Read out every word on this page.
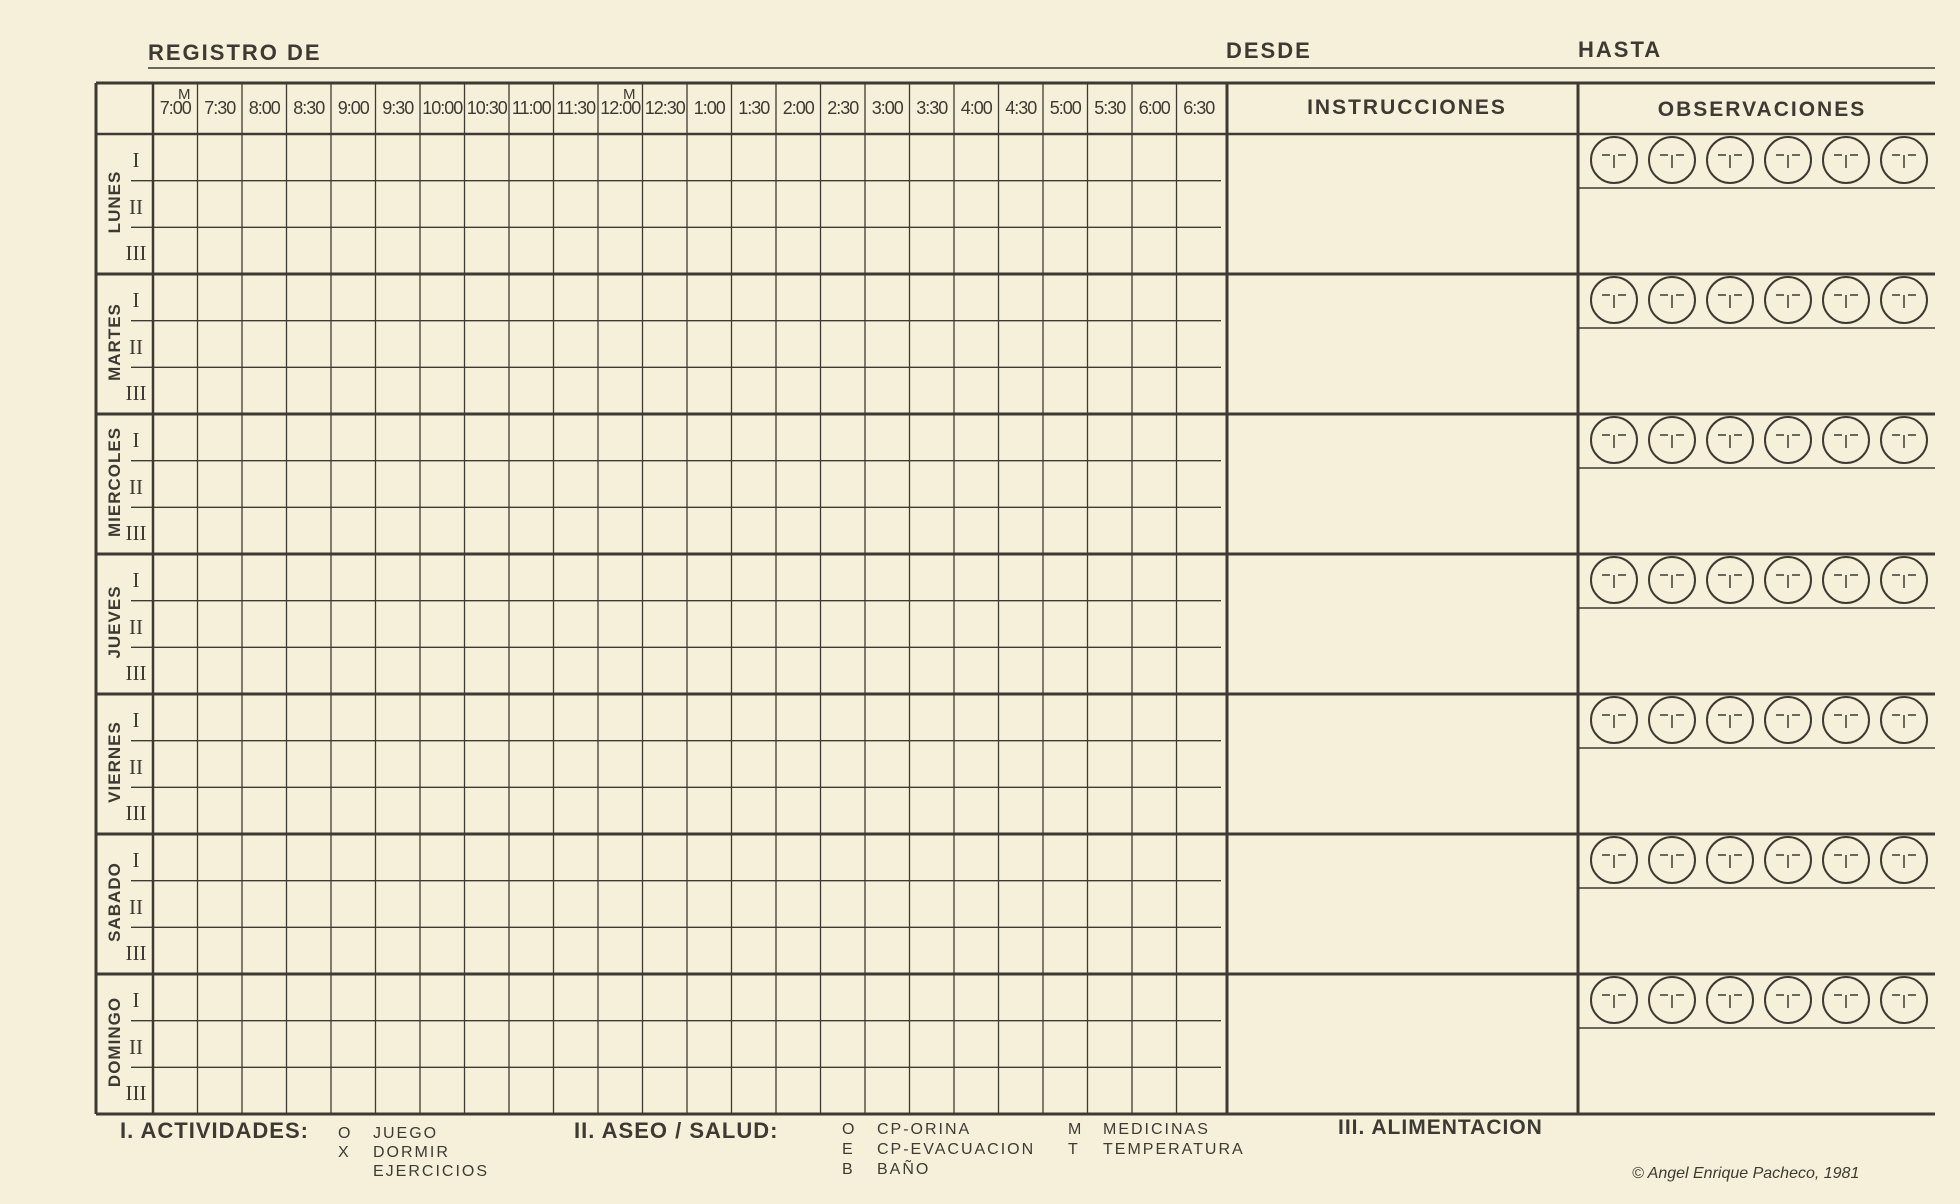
REGISTRO DE	DESDE	HASTA
INSTRUCCIONES	OBSERVACIONES
7:00 7:30 8:00 8:30 9:00 9:30 10:00 10:30 11:00 11:30 12:00 12:30 1:00 1:30 2:00 2:30 3:00 3:30 4:00 4:30 5:00 5:30 6:00 6:30
M	M
LUNES
I
II
III
MARTES
I
II
III
MIERCOLES I
II
III
JUEVES
I
II
III
VIERNES
I
II
III
SABADO
I
II
III
DOMINGO I
II
III
I. ACTIVIDADES: O JUEGO
X DORMIR
EJERCICIOS
II. ASEO / SALUD:	O CP-ORINA
E CP-EVACUACION
B BAÑO
M MEDICINAS
T TEMPERATURA
III. ALIMENTACION
© Angel Enrique Pacheco, 1981
